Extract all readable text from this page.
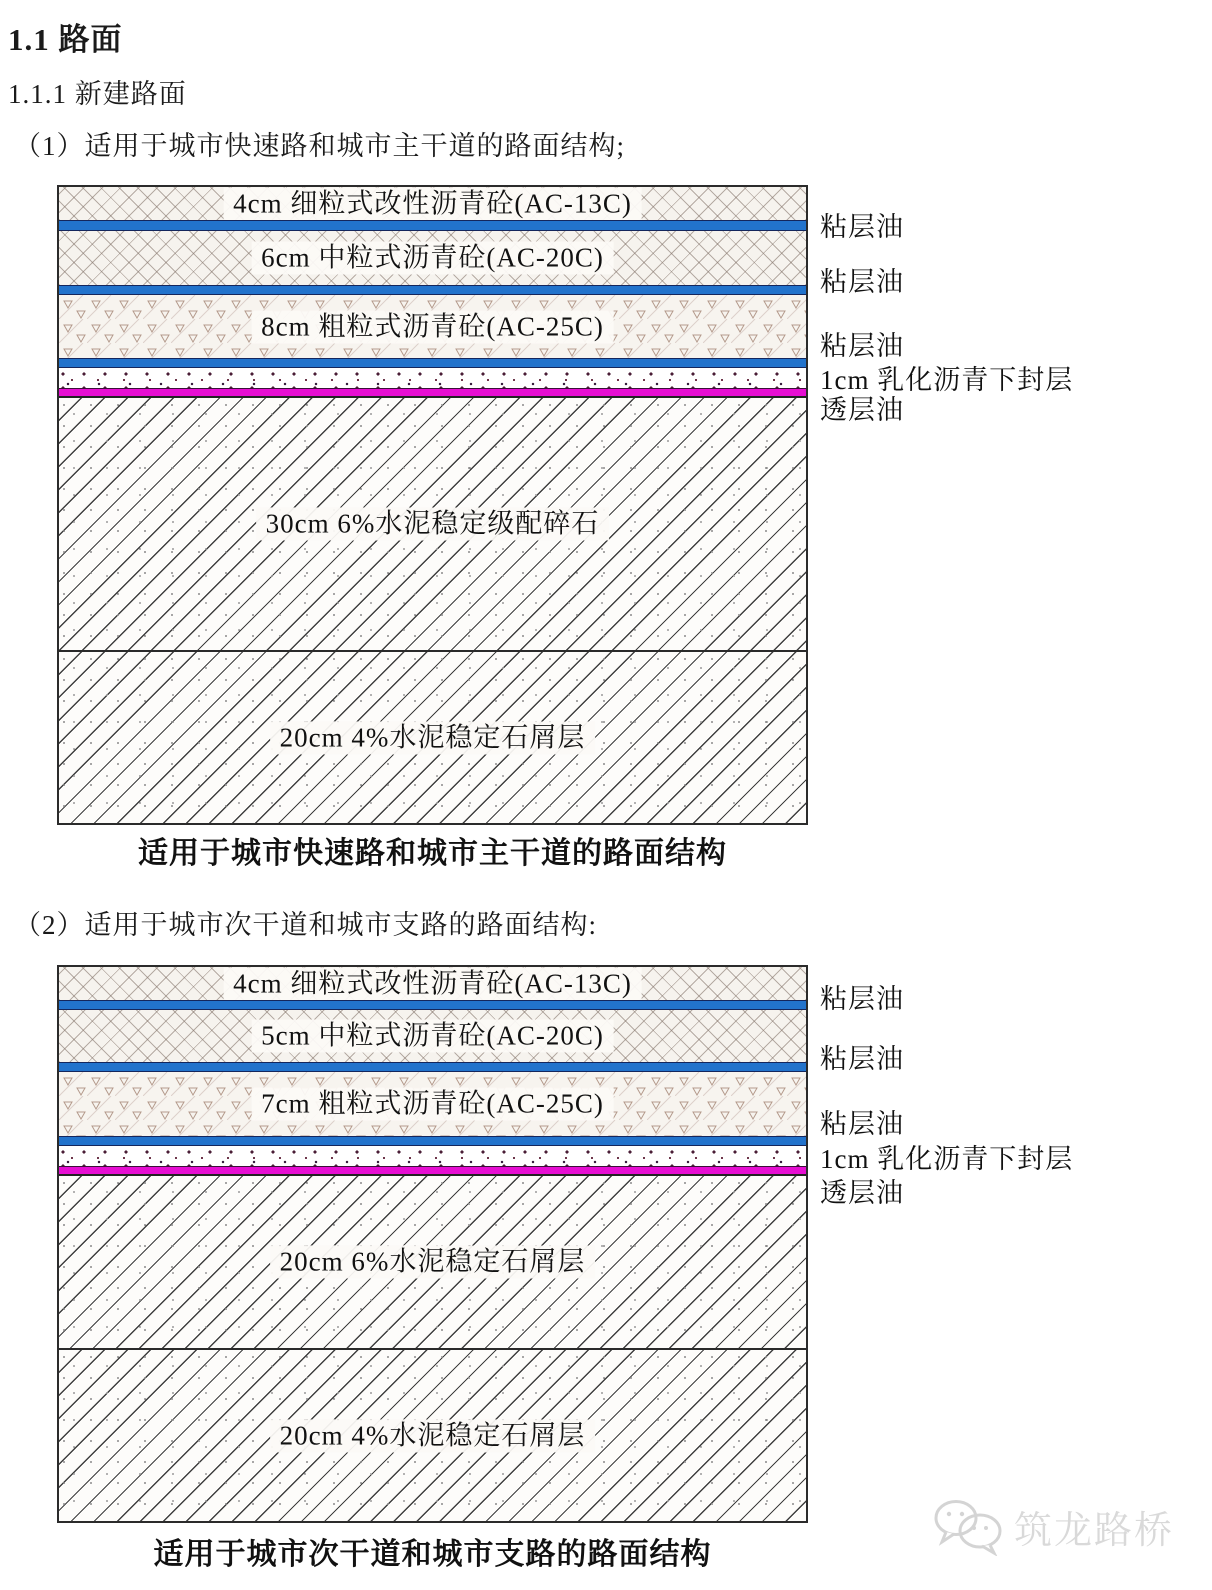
1.1 路面
1.1.1 新建路面
（1）适用于城市快速路和城市主干道的路面结构;
4cm 细粒式改性沥青砼(AC-13C)
6cm 中粒式沥青砼(AC-20C)
8cm 粗粒式沥青砼(AC-25C)
30cm 6%水泥稳定级配碎石
20cm 4%水泥稳定石屑层
粘层油
粘层油
粘层油
1cm 乳化沥青下封层
透层油
适用于城市快速路和城市主干道的路面结构
（2）适用于城市次干道和城市支路的路面结构:
4cm 细粒式改性沥青砼(AC-13C)
5cm 中粒式沥青砼(AC-20C)
7cm 粗粒式沥青砼(AC-25C)
20cm 6%水泥稳定石屑层
20cm 4%水泥稳定石屑层
粘层油
粘层油
粘层油
1cm 乳化沥青下封层
透层油
适用于城市次干道和城市支路的路面结构
筑龙路桥
